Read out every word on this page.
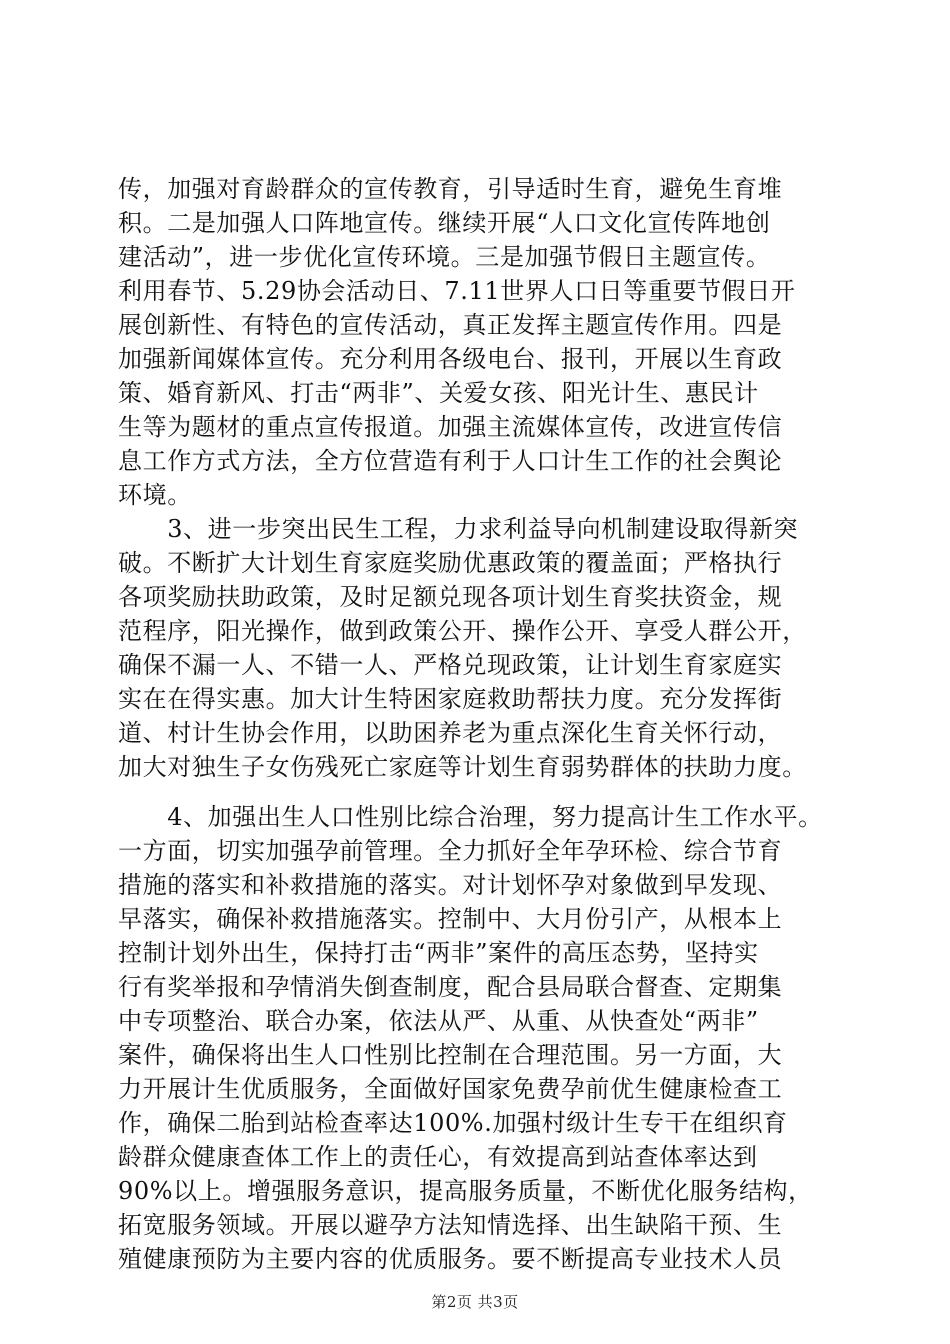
传，加强对育龄群众的宣传教育，引导适时生育，避免生育堆
积。二是加强人口阵地宣传。继续开展“人口文化宣传阵地创
建活动”，进一步优化宣传环境。三是加强节假日主题宣传。
利用春节、5.29协会活动日、7.11世界人口日等重要节假日开
展创新性、有特色的宣传活动，真正发挥主题宣传作用。四是
加强新闻媒体宣传。充分利用各级电台、报刊，开展以生育政
策、婚育新风、打击“两非”、关爱女孩、阳光计生、惠民计
生等为题材的重点宣传报道。加强主流媒体宣传，改进宣传信
息工作方式方法，全方位营造有利于人口计生工作的社会舆论
环境。
　　3、进一步突出民生工程，力求利益导向机制建设取得新突
破。不断扩大计划生育家庭奖励优惠政策的覆盖面；严格执行
各项奖励扶助政策，及时足额兑现各项计划生育奖扶资金，规
范程序，阳光操作，做到政策公开、操作公开、享受人群公开，
确保不漏一人、不错一人、严格兑现政策，让计划生育家庭实
实在在得实惠。加大计生特困家庭救助帮扶力度。充分发挥街
道、村计生协会作用，以助困养老为重点深化生育关怀行动，
加大对独生子女伤残死亡家庭等计划生育弱势群体的扶助力度。
　　4、加强出生人口性别比综合治理，努力提高计生工作水平。
一方面，切实加强孕前管理。全力抓好全年孕环检、综合节育
措施的落实和补救措施的落实。对计划怀孕对象做到早发现、
早落实，确保补救措施落实。控制中、大月份引产，从根本上
控制计划外出生，保持打击“两非”案件的高压态势，坚持实
行有奖举报和孕情消失倒查制度，配合县局联合督查、定期集
中专项整治、联合办案，依法从严、从重、从快查处“两非”
案件，确保将出生人口性别比控制在合理范围。另一方面，大
力开展计生优质服务，全面做好国家免费孕前优生健康检查工
作，确保二胎到站检查率达100%.加强村级计生专干在组织育
龄群众健康查体工作上的责任心，有效提高到站查体率达到
90%以上。增强服务意识，提高服务质量，不断优化服务结构，
拓宽服务领域。开展以避孕方法知情选择、出生缺陷干预、生
殖健康预防为主要内容的优质服务。要不断提高专业技术人员
第2页 共3页
